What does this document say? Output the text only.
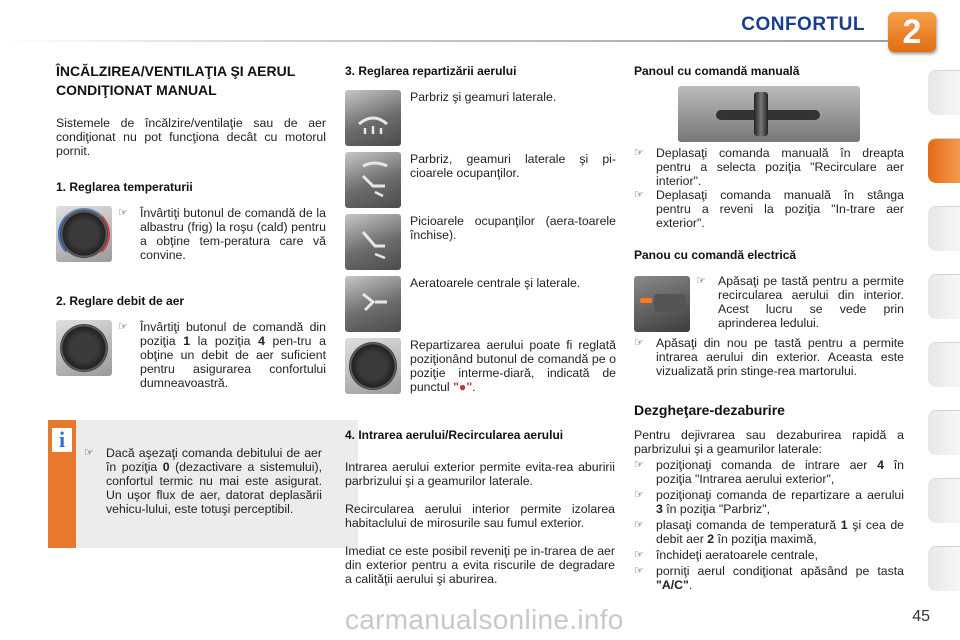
CONFORTUL	2
ÎNCĂLZIREA/VENTILAŢIA ŞI AERUL CONDIŢIONAT MANUAL
Sistemele de încălzire/ventilaţie sau de aer condiţionat nu pot funcţiona decât cu motorul pornit.
1. Reglarea temperaturii
☞ Învârtiţi butonul de comandă de la albastru (frig) la roşu (cald) pentru a obţine tem-peratura care vă convine.
2. Reglare debit de aer
☞ Învârtiţi butonul de comandă din poziţia 1 la poziţia 4 pen-tru a obţine un debit de aer suficient pentru asigurarea confortului dumneavoastră.
i
☞ Dacă aşezaţi comanda debitului de aer în poziţia 0 (dezactivare a sistemului), confortul termic nu mai este asigurat. Un uşor flux de aer, datorat deplasării vehicu-lului, este totuşi perceptibil.
3. Reglarea repartizării aerului
Parbriz şi geamuri laterale.
Parbriz, geamuri laterale şi pi-cioarele ocupanţilor.
Picioarele ocupanţilor (aera-toarele închise).
Aeratoarele centrale şi laterale.
Repartizarea aerului poate fi reglată poziţionând butonul de comandă pe o poziţie interme-diară, indicată de punctul "●".
4. Intrarea aerului/Recircularea aerului
Intrarea aerului exterior permite evita-rea aburirii parbrizului şi a geamurilor laterale.
Recircularea aerului interior permite izolarea habitaclului de mirosurile sau fumul exterior.
Imediat ce este posibil reveniţi pe in-trarea de aer din exterior pentru a evita riscurile de degradare a calităţii aerului şi aburirea.
Panoul cu comandă manuală
☞ Deplasaţi comanda manuală în dreapta pentru a selecta poziţia "Recirculare aer interior".
☞ Deplasaţi comanda manuală în stânga pentru a reveni la poziţia "In-trare aer exterior".
Panou cu comandă electrică
☞ Apăsaţi pe tastă pentru a permite recircularea aerului din interior. Acest lucru se vede prin aprinderea ledului.
☞ Apăsaţi din nou pe tastă pentru a permite intrarea aerului din exterior. Aceasta este vizualizată prin stinge-rea martorului.
Dezgheţare-dezaburire
Pentru dejivrarea sau dezaburirea rapidă a parbrizului şi a geamurilor laterale:
☞ poziţionaţi comanda de intrare aer 4 în poziţia "Intrarea aerului exterior",
☞ poziţionaţi comanda de repartizare a aerului 3 în poziţia "Parbriz",
☞ plasaţi comanda de temperatură 1 şi cea de debit aer 2 în poziţia maximă,
☞ închideţi aeratoarele centrale,
☞ porniţi aerul condiţionat apăsând pe tasta "A/C".
45
carmanualsonline.info
